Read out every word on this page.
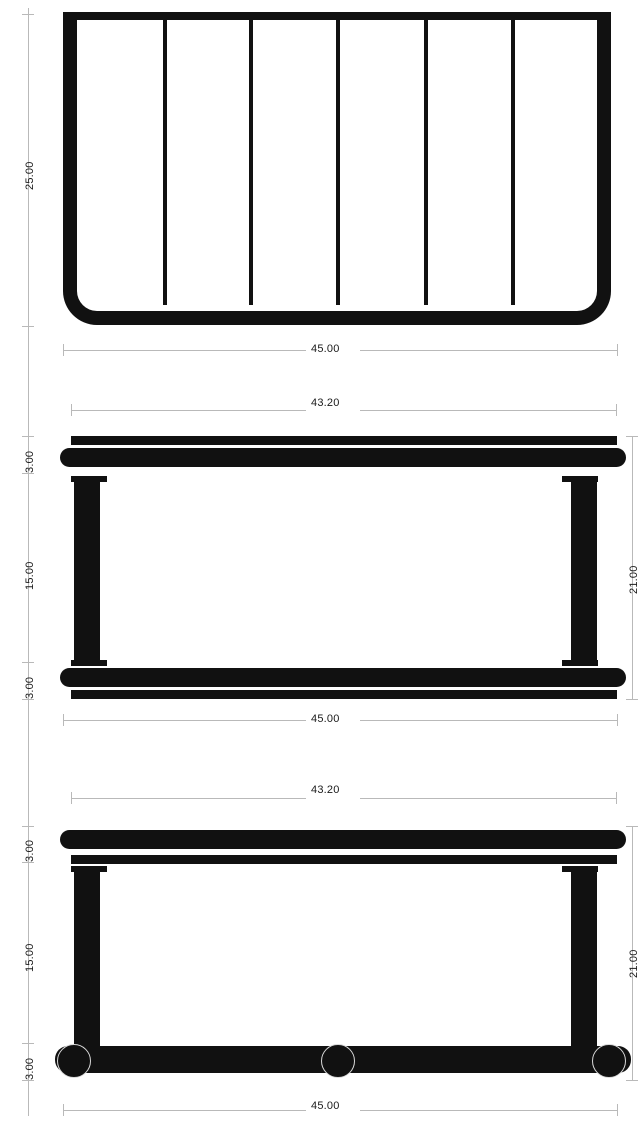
25.00
45.00
43.20
3.00
15.00
3.00
21.00
45.00
43.20
3.00
15.00
3.00
21.00
45.00
